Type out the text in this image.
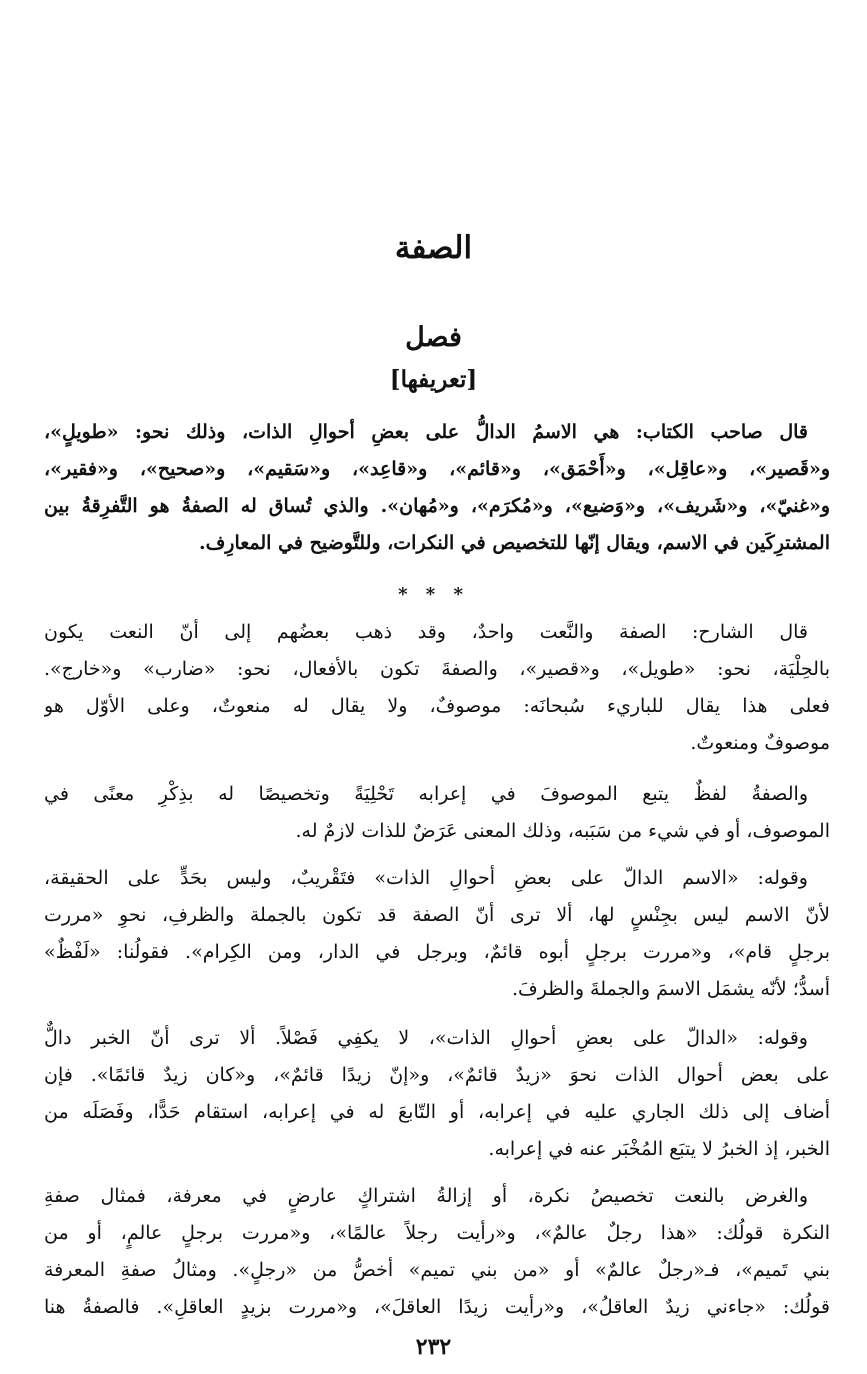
الصفة
فصل
[تعريفها]
قال صاحب الكتاب: هي الاسمُ الدالُّ على بعضِ أحوالِ الذات، وذلك نحو: «طويلٍ»،
و«قَصير»، و«عاقِل»، و«أَحْمَق»، و«قائم»، و«قاعِد»، و«سَقيم»، و«صحيح»، و«فقير»،
و«غنيّ»، و«شَريف»، و«وَضيع»، و«مُكرَم»، و«مُهان». والذي تُساق له الصفةُ هو التَّفرِقةُ بين
المشترِكَين في الاسم، ويقال إنّها للتخصيص في النكرات، وللتَّوضيح في المعارِف.
* * *
قال الشارح: الصفة والنَّعت واحدٌ، وقد ذهب بعضُهم إلى أنّ النعت يكون
بالحِلْيَة، نحو: «طويل»، و«قصير»، والصفةَ تكون بالأفعال، نحو: «ضارب» و«خارج».
فعلى هذا يقال للباريء سُبحانَه: موصوفٌ، ولا يقال له منعوتٌ، وعلى الأوّل هو
موصوفٌ ومنعوتٌ.
والصفةُ لفظٌ يتبع الموصوفَ في إعرابه تَحْلِيَةً وتخصيصًا له بذِكْرِ معنًى في
الموصوف، أو في شيء من سَبَبه، وذلك المعنى عَرَضٌ للذات لازمٌ له.
وقوله: «الاسم الدالّ على بعضِ أحوالِ الذات» فتَقْريبٌ، وليس بحَدٍّ على الحقيقة،
لأنّ الاسم ليس بجِنْسٍ لها، ألا ترى أنّ الصفة قد تكون بالجملة والظرفِ، نحوِ «مررت
برجلٍ قام»، و«مررت برجلٍ أبوه قائمٌ، وبرجل في الدار، ومن الكِرام». فقولُنا: «لَفْظٌ»
أسدُّ؛ لأنّه يشمَل الاسمَ والجملةَ والظرفَ.
وقوله: «الدالّ على بعضِ أحوالِ الذات»، لا يكفِي فَصْلاً. ألا ترى أنّ الخبر دالٌّ
على بعض أحوال الذات نحوَ «زيدٌ قائمٌ»، و«إنّ زيدًا قائمٌ»، و«كان زيدٌ قائمًا». فإن
أضاف إلى ذلك الجاري عليه في إعرابه، أو التّابعَ له في إعرابه، استقام حَدًّا، وفَصَلَه من
الخبر، إذ الخبرُ لا يتبَع المُخْبَر عنه في إعرابه.
والغرض بالنعت تخصيصُ نكرة، أو إزالةُ اشتراكٍ عارضٍ في معرفة، فمثال صفةِ
النكرة قولُك: «هذا رجلٌ عالمٌ»، و«رأيت رجلاً عالمًا»، و«مررت برجلٍ عالمٍ، أو من
بني تَميم»، فـ«رجلٌ عالمٌ» أو «من بني تميم» أخصُّ من «رجلٍ». ومثالُ صفةِ المعرفة
قولُك: «جاءني زيدٌ العاقلُ»، و«رأيت زيدًا العاقلَ»، و«مررت بزيدٍ العاقلِ». فالصفةُ هنا
٢٣٢
